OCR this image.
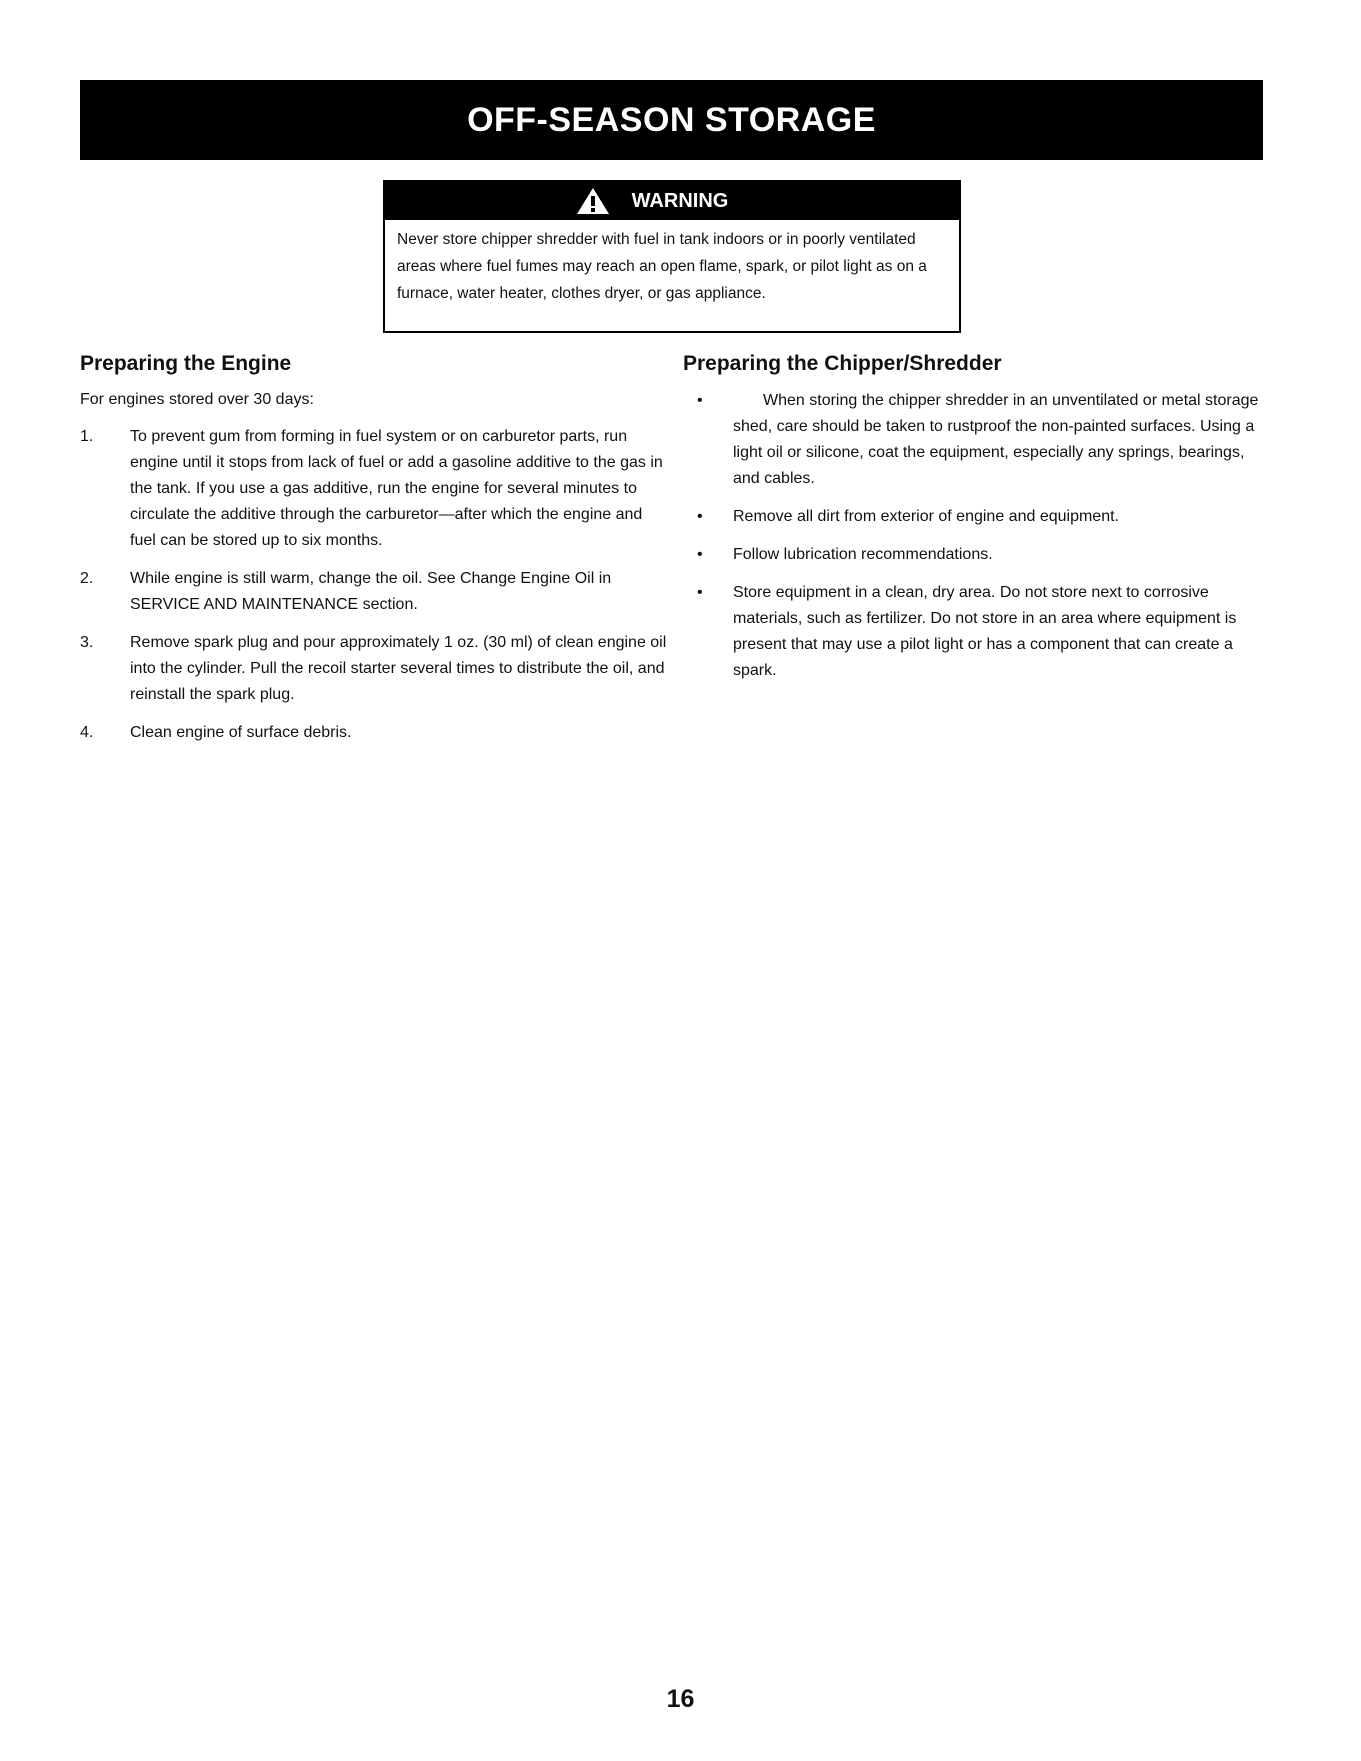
OFF-SEASON STORAGE
WARNING

Never store chipper shredder with fuel in tank indoors or in poorly ventilated areas where fuel fumes may reach an open flame, spark, or pilot light as on a furnace, water heater, clothes dryer, or gas appliance.

Preparing the Engine

For engines stored over 30 days:

1.	To prevent gum from forming in fuel system or on carburetor parts, run engine until it stops from lack of fuel or add a gasoline additive to the gas in the tank. If you use a gas additive, run the engine for several minutes to circulate the additive through the carburetor—after which the engine and fuel can be stored up to six months.
2.	While engine is still warm, change the oil. See Change Engine Oil in SERVICE AND MAINTENANCE section.
3.	Remove spark plug and pour approximately 1 oz. (30 ml) of clean engine oil into the cylinder. Pull the recoil starter several times to distribute the oil, and reinstall the spark plug.
4.	Clean engine of surface debris.
Preparing the Chipper/Shredder
•	When storing the chipper shredder in an unventilated or metal storage shed, care should be taken to rustproof the non-painted surfaces. Using a light oil or silicone, coat the equipment, especially any springs, bearings, and cables.
•	Remove all dirt from exterior of engine and equipment.
•	Follow lubrication recommendations.
•	Store equipment in a clean, dry area. Do not store next to corrosive materials, such as fertilizer. Do not store in an area where equipment is present that may use a pilot light or has a component that can create a spark.
16
